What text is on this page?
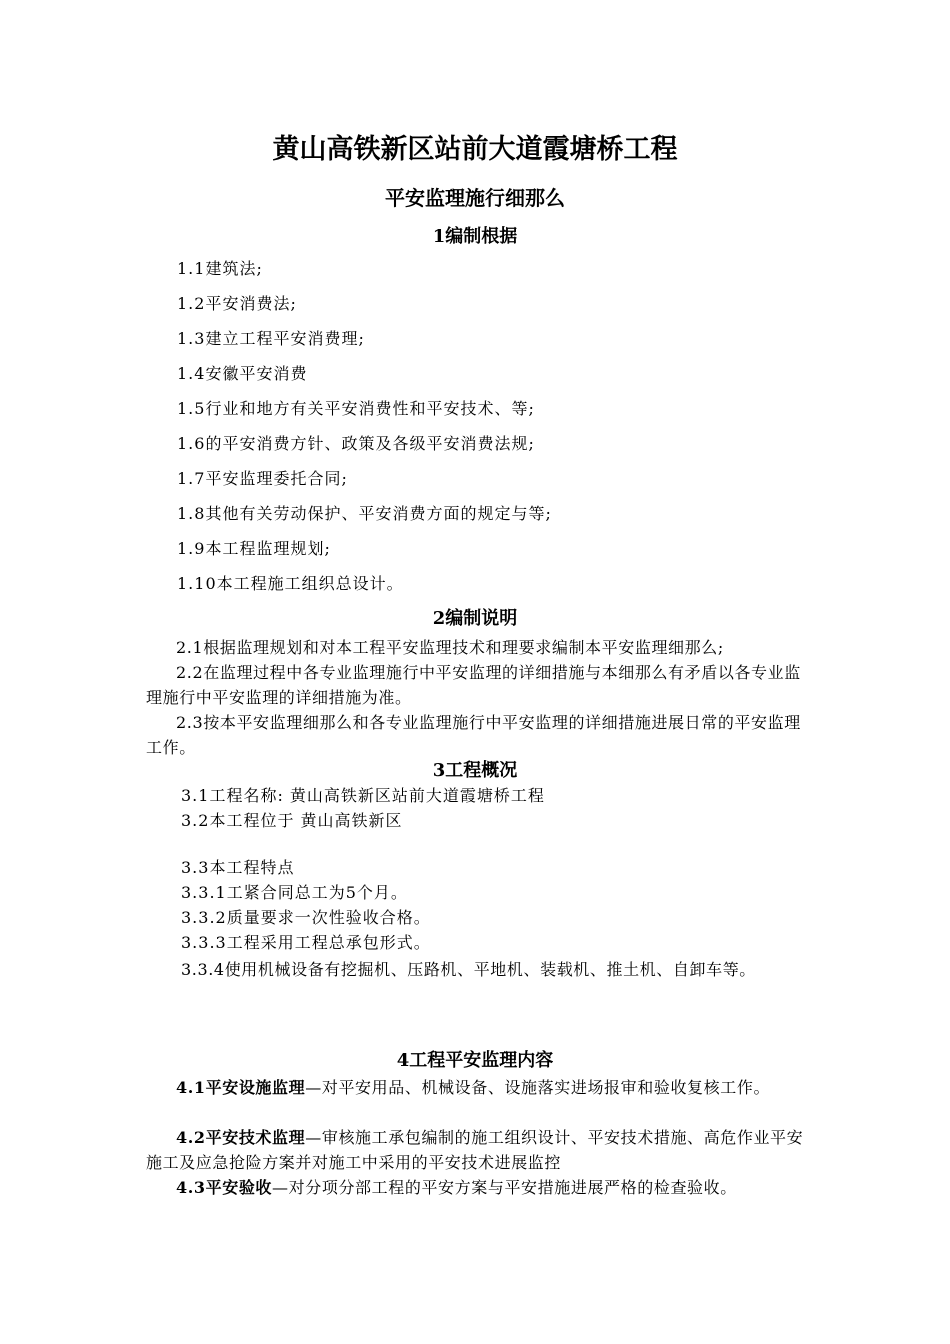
黄山高铁新区站前大道霞塘桥工程
平安监理施行细那么
1编制根据
1.1建筑法;
1.2平安消费法;
1.3建立工程平安消费理;
1.4安徽平安消费
1.5行业和地方有关平安消费性和平安技术、等;
1.6的平安消费方针、政策及各级平安消费法规;
1.7平安监理委托合同;
1.8其他有关劳动保护、平安消费方面的规定与等;
1.9本工程监理规划;
1.10本工程施工组织总设计。
2编制说明
2.1根据监理规划和对本工程平安监理技术和理要求编制本平安监理细那么;
2.2在监理过程中各专业监理施行中平安监理的详细措施与本细那么有矛盾以各专业监理施行中平安监理的详细措施为准。
2.3按本平安监理细那么和各专业监理施行中平安监理的详细措施进展日常的平安监理工作。
3工程概况
3.1工程名称: 黄山高铁新区站前大道霞塘桥工程
3.2本工程位于 黄山高铁新区
3.3本工程特点
3.3.1工紧合同总工为5个月。
3.3.2质量要求一次性验收合格。
3.3.3工程采用工程总承包形式。
3.3.4使用机械设备有挖掘机、压路机、平地机、装载机、推土机、自卸车等。
4工程平安监理内容
4.1平安设施监理—对平安用品、机械设备、设施落实进场报审和验收复核工作。
4.2平安技术监理—审核施工承包编制的施工组织设计、平安技术措施、高危作业平安施工及应急抢险方案并对施工中采用的平安技术进展监控
4.3平安验收—对分项分部工程的平安方案与平安措施进展严格的检查验收。
